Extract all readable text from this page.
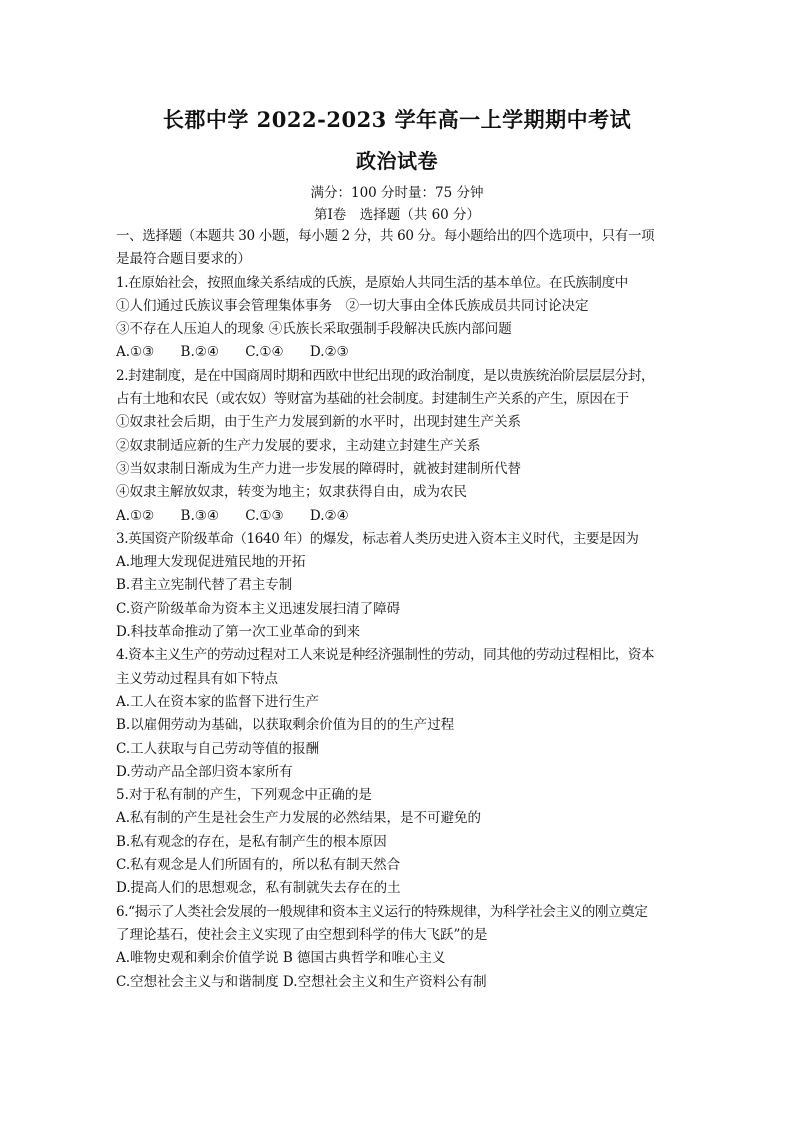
长郡中学 2022-2023 学年高一上学期期中考试
政治试卷
满分：100 分时量：75 分钟
第Ⅰ卷　选择题（共 60 分）
一、选择题（本题共 30 小题，每小题 2 分，共 60 分。每小题给出的四个选项中，只有一项
是最符合题目要求的）
1.在原始社会，按照血缘关系结成的氏族，是原始人共同生活的基本单位。在氏族制度中
①人们通过氏族议事会管理集体事务　②一切大事由全体氏族成员共同讨论决定
③不存在人压迫人的现象 ④氏族长采取强制手段解决氏族内部问题
A.①③ B.②④ C.①④ D.②③
2.封建制度，是在中国商周时期和西欧中世纪出现的政治制度，是以贵族统治阶层层层分封，
占有土地和农民（或农奴）等财富为基础的社会制度。封建制生产关系的产生，原因在于
①奴隶社会后期，由于生产力发展到新的水平时，出现封建生产关系
②奴隶制适应新的生产力发展的要求，主动建立封建生产关系
③当奴隶制日渐成为生产力进一步发展的障碍时，就被封建制所代替
④奴隶主解放奴隶，转变为地主；奴隶获得自由，成为农民
A.①② B.③④ C.①③ D.②④
3.英国资产阶级革命（1640 年）的爆发，标志着人类历史进入资本主义时代，主要是因为
A.地理大发现促进殖民地的开拓
B.君主立宪制代替了君主专制
C.资产阶级革命为资本主义迅速发展扫清了障碍
D.科技革命推动了第一次工业革命的到来
4.资本主义生产的劳动过程对工人来说是种经济强制性的劳动，同其他的劳动过程相比，资本
主义劳动过程具有如下特点
A.工人在资本家的监督下进行生产
B.以雇佣劳动为基础，以获取剩余价值为目的的生产过程
C.工人获取与自己劳动等值的报酬
D.劳动产品全部归资本家所有
5.对于私有制的产生，下列观念中正确的是
A.私有制的产生是社会生产力发展的必然结果，是不可避免的
B.私有观念的存在，是私有制产生的根本原因
C.私有观念是人们所固有的，所以私有制天然合
D.提高人们的思想观念，私有制就失去存在的土
6.“揭示了人类社会发展的一般规律和资本主义运行的特殊规律，为科学社会主义的刚立奠定
了理论基石，使社会主义实现了由空想到科学的伟大飞跃”的是
A.唯物史观和剩余价值学说 B 德国古典哲学和唯心主义
C.空想社会主义与和谐制度 D.空想社会主义和生产资料公有制
